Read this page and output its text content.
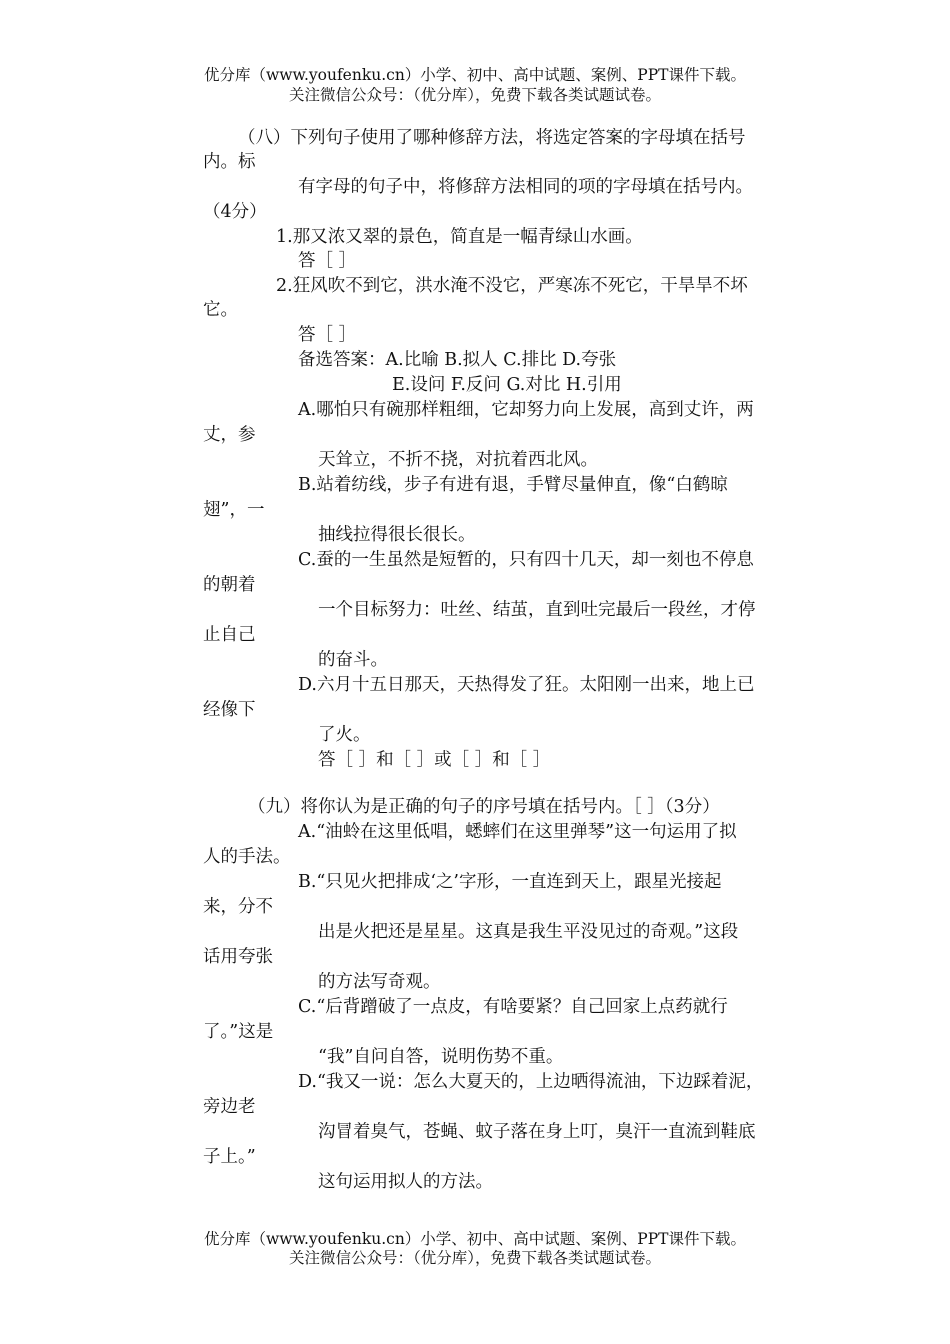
优分库（www.youfenku.cn）小学、初中、高中试题、案例、PPT课件下载。
关注微信公众号：（优分库），免费下载各类试题试卷。
（八）下列句子使用了哪种修辞方法，将选定答案的字母填在括号
内。标
有字母的句子中，将修辞方法相同的项的字母填在括号内。
（4分）
1.那又浓又翠的景色，简直是一幅青绿山水画。
答［ ］
2.狂风吹不到它，洪水淹不没它，严寒冻不死它，干旱旱不坏
它。
答［ ］
备选答案：A.比喻 B.拟人 C.排比 D.夸张
E.设问 F.反问 G.对比 H.引用
A.哪怕只有碗那样粗细，它却努力向上发展，高到丈许，两
丈，参
天耸立，不折不挠，对抗着西北风。
B.站着纺线，步子有进有退，手臂尽量伸直，像“白鹤晾
翅”，一
抽线拉得很长很长。
C.蚕的一生虽然是短暂的，只有四十几天，却一刻也不停息
的朝着
一个目标努力：吐丝、结茧，直到吐完最后一段丝，才停
止自己
的奋斗。
D.六月十五日那天，天热得发了狂。太阳刚一出来，地上已
经像下
了火。
答［ ］和［ ］或［ ］和［ ］
（九）将你认为是正确的句子的序号填在括号内。［ ］（3分）
A.“油蛉在这里低唱，蟋蟀们在这里弹琴”这一句运用了拟
人的手法。
B.“只见火把排成‘之’字形，一直连到天上，跟星光接起
来，分不
出是火把还是星星。这真是我生平没见过的奇观。”这段
话用夸张
的方法写奇观。
C.“后背蹭破了一点皮，有啥要紧？自己回家上点药就行
了。”这是
“我”自问自答，说明伤势不重。
D.“我又一说：怎么大夏天的，上边晒得流油，下边踩着泥，
旁边老
沟冒着臭气，苍蝇、蚊子落在身上叮，臭汗一直流到鞋底
子上。”
这句运用拟人的方法。
优分库（www.youfenku.cn）小学、初中、高中试题、案例、PPT课件下载。
关注微信公众号：（优分库），免费下载各类试题试卷。
